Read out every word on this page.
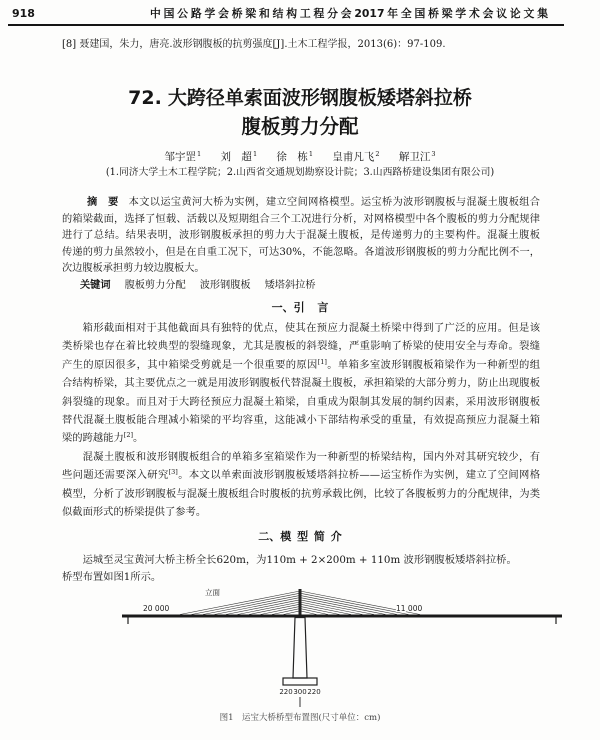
918	中国公路学会桥梁和结构工程分会2017年全国桥梁学术会议论文集
[8] 聂建国，朱力，唐亮.波形钢腹板的抗剪强度[J].土木工程学报，2013(6)：97-109.
72. 大跨径单索面波形钢腹板矮塔斜拉桥
腹板剪力分配
邹宇罡$^1$ 刘　超$^1$ 徐　栋$^1$ 皇甫凡飞$^2$ 解卫江$^3$
(1.同济大学土木工程学院；2.山西省交通规划勘察设计院；3.山西路桥建设集团有限公司)
摘　要 本文以运宝黄河大桥为实例，建立空间网格模型。运宝桥为波形钢腹板与混凝土腹板组合
的箱梁截面，选择了恒载、活载以及短期组合三个工况进行分析，对网格模型中各个腹板的剪力分配规律
进行了总结。结果表明，波形钢腹板承担的剪力大于混凝土腹板，是传递剪力的主要构件。混凝土腹板
传递的剪力虽然较小，但是在自重工况下，可达30%，不能忽略。各道波形钢腹板的剪力分配比例不一，
次边腹板承担剪力较边腹板大。
关键词 腹板剪力分配 波形钢腹板 矮塔斜拉桥
一、引 言
箱形截面相对于其他截面具有独特的优点，使其在预应力混凝土桥梁中得到了广泛的应用。但是该
类桥梁也存在着比较典型的裂缝现象，尤其是腹板的斜裂缝，严重影响了桥梁的使用安全与寿命。裂缝
产生的原因很多，其中箱梁受剪就是一个很重要的原因[1]。单箱多室波形钢腹板箱梁作为一种新型的组
合结构桥梁，其主要优点之一就是用波形钢腹板代替混凝土腹板，承担箱梁的大部分剪力，防止出现腹板
斜裂缝的现象。而且对于大跨径预应力混凝土箱梁，自重成为限制其发展的制约因素，采用波形钢腹板
替代混凝土腹板能合理减小箱梁的平均容重，这能减小下部结构承受的重量，有效提高预应力混凝土箱
梁的跨越能力[2]。
混凝土腹板和波形钢腹板组合的单箱多室箱梁作为一种新型的桥梁结构，国内外对其研究较少，有
些问题还需要深入研究[3]。本文以单索面波形钢腹板矮塔斜拉桥——运宝桥作为实例，建立了空间网格
模型，分析了波形钢腹板与混凝土腹板组合时腹板的抗剪承载比例，比较了各腹板剪力的分配规律，为类
似截面形式的桥梁提供了参考。
二、模 型 简 介
运城至灵宝黄河大桥主桥全长620m，为110m + 2×200m + 110m 波形钢腹板矮塔斜拉桥。
桥型布置如图1所示。
立面
20 000	11 000
220 300 220
图1　运宝大桥桥型布置图(尺寸单位：cm)
